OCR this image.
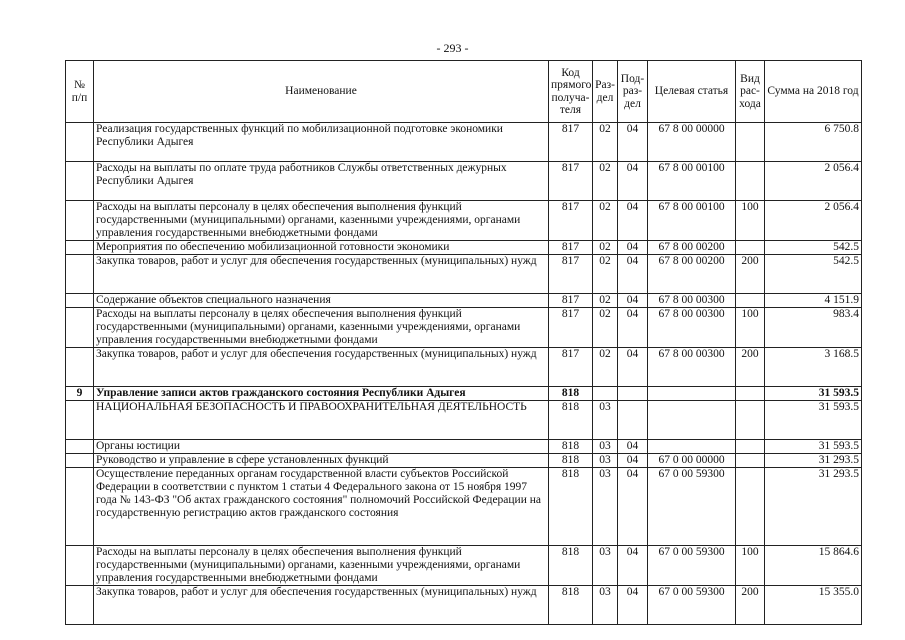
- 293 -
№ п/п	Наименование	Код прямого получа-теля	Раз-дел	Под-раз-дел	Целевая статья	Вид рас-хода	Сумма на 2018 год
	Реализация государственных функций по мобилизационной подготовке экономики Республики Адыгея	817	02	04	67 8 00 00000		6 750.8
	Расходы на выплаты по оплате труда работников Службы ответственных дежурных Республики Адыгея	817	02	04	67 8 00 00100		2 056.4
	Расходы на выплаты персоналу в целях обеспечения выполнения функций государственными (муниципальными) органами, казенными учреждениями, органами управления государственными внебюджетными фондами	817	02	04	67 8 00 00100	100	2 056.4
	Мероприятия по обеспечению мобилизационной готовности экономики	817	02	04	67 8 00 00200		542.5
	Закупка товаров, работ и услуг для обеспечения государственных (муниципальных) нужд	817	02	04	67 8 00 00200	200	542.5
	Содержание объектов специального назначения	817	02	04	67 8 00 00300		4 151.9
	Расходы на выплаты персоналу в целях обеспечения выполнения функций государственными (муниципальными) органами, казенными учреждениями, органами управления государственными внебюджетными фондами	817	02	04	67 8 00 00300	100	983.4
	Закупка товаров, работ и услуг для обеспечения государственных (муниципальных) нужд	817	02	04	67 8 00 00300	200	3 168.5
9	Управление записи актов гражданского состояния Республики Адыгея	818					31 593.5
	НАЦИОНАЛЬНАЯ БЕЗОПАСНОСТЬ И ПРАВООХРАНИТЕЛЬНАЯ ДЕЯТЕЛЬНОСТЬ	818	03				31 593.5
	Органы юстиции	818	03	04			31 593.5
	Руководство и управление в сфере установленных функций	818	03	04	67 0 00 00000		31 293.5
	Осуществление переданных органам государственной власти субъектов Российской Федерации в соответствии с пунктом 1 статьи 4 Федерального закона от 15 ноября 1997 года № 143-ФЗ "Об актах гражданского состояния" полномочий Российской Федерации на государственную регистрацию актов гражданского состояния	818	03	04	67 0 00 59300		31 293.5
	Расходы на выплаты персоналу в целях обеспечения выполнения функций государственными (муниципальными) органами, казенными учреждениями, органами управления государственными внебюджетными фондами	818	03	04	67 0 00 59300	100	15 864.6
	Закупка товаров, работ и услуг для обеспечения государственных (муниципальных) нужд	818	03	04	67 0 00 59300	200	15 355.0
